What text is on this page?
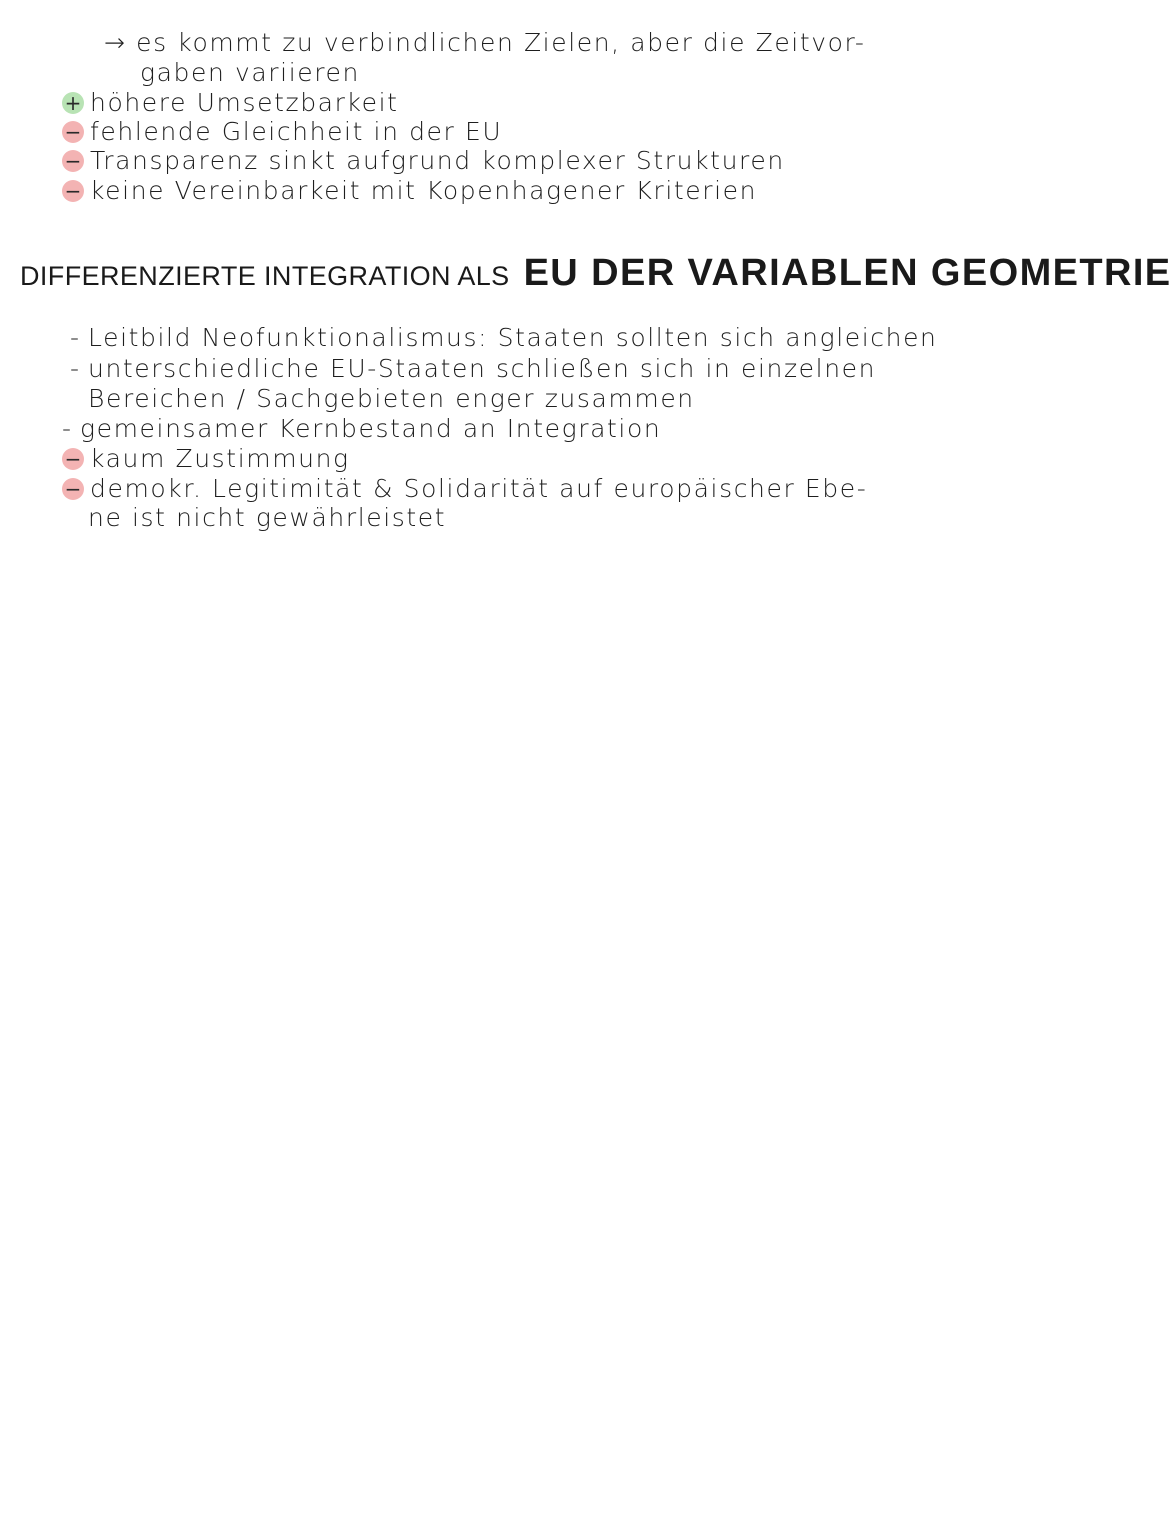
→ es kommt zu verbindlichen Zielen, aber die Zeitvor-
gaben variieren
+ höhere Umsetzbarkeit
− fehlende Gleichheit in der EU
− Transparenz sinkt aufgrund komplexer Strukturen
− keine Vereinbarkeit mit Kopenhagener Kriterien
DIFFERENZIERTE INTEGRATION ALS EU DER VARIABLEN GEOMETRIE
- Leitbild Neofunktionalismus: Staaten sollten sich angleichen
- unterschiedliche EU-Staaten schließen sich in einzelnen
Bereichen / Sachgebieten enger zusammen
- gemeinsamer Kernbestand an Integration
− kaum Zustimmung
− demokr. Legitimität & Solidarität auf europäischer Ebe-
ne ist nicht gewährleistet
